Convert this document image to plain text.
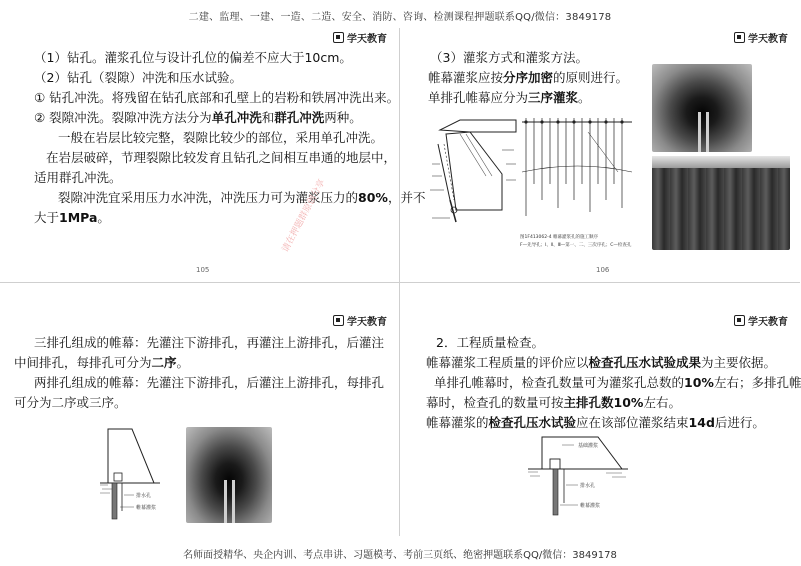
二建、监理、一建、一造、二造、安全、消防、咨询、检测课程押题联系QQ/微信：3849178
学天教育
（1）钻孔。灌浆孔位与设计孔位的偏差不应大于10cm。
（2）钻孔（裂隙）冲洗和压水试验。
① 钻孔冲洗。将残留在钻孔底部和孔壁上的岩粉和铁屑冲洗出来。
② 裂隙冲洗。裂隙冲洗方法分为单孔冲洗和群孔冲洗两种。
一般在岩层比较完整，裂隙比较少的部位，采用单孔冲洗。
在岩层破碎，节理裂隙比较发育且钻孔之间相互串通的地层中，
适用群孔冲洗。
裂隙冲洗宜采用压力水冲洗，冲洗压力可为灌浆压力的80%，并不
大于1MPa。	请在押题群原创分享
105
学天教育
（3）灌浆方式和灌浆方法。
帷幕灌浆应按分序加密的原则进行。
单排孔帷幕应分为三序灌浆。
图1F413062-4 帷幕灌浆孔的施工顺序
F—先导孔；Ⅰ、Ⅱ、Ⅲ—第一、二、三次序孔；C—检查孔
106
学天教育
三排孔组成的帷幕：先灌注下游排孔，再灌注上游排孔，后灌注
中间排孔，每排孔可分为二序。
两排孔组成的帷幕：先灌注下游排孔，后灌注上游排孔，每排孔
可分为二序或三序。
排水孔
帷幕灌浆
学天教育
2．工程质量检查。
帷幕灌浆工程质量的评价应以检查孔压水试验成果为主要依据。
单排孔帷幕时，检查孔数量可为灌浆孔总数的10%左右；多排孔帷
幕时，检查孔的数量可按主排孔数10%左右。
帷幕灌浆的检查孔压水试验应在该部位灌浆结束14d后进行。
基础灌浆
排水孔
帷幕灌浆
名师面授精华、央企内训、考点串讲、习题模考、考前三页纸、绝密押题联系QQ/微信：3849178
